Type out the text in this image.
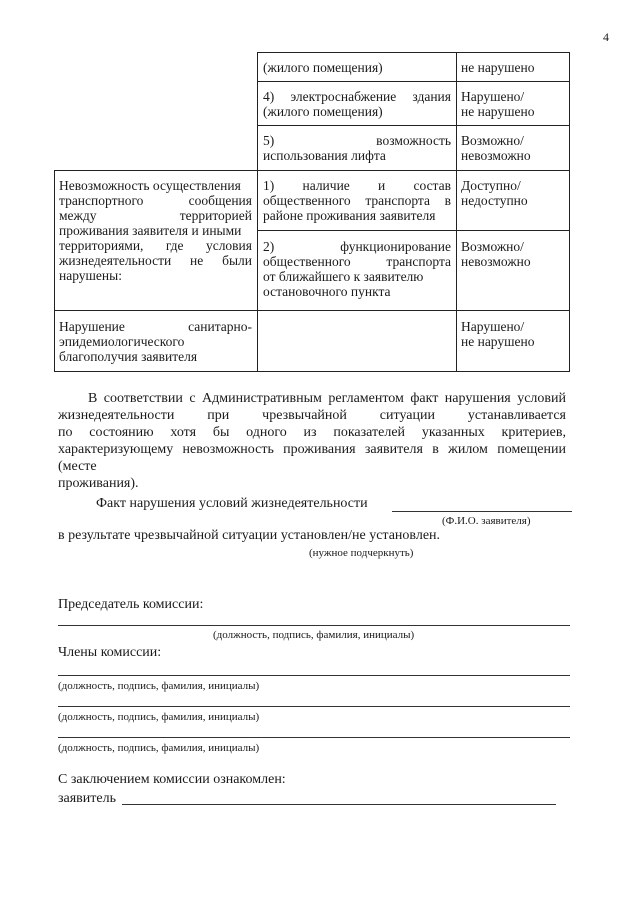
4
(жилого помещения)	не нарушено
4) электроснабжение здания
(жилого помещения)
Нарушено/
не нарушено
5) возможность
использования лифта
Возможно/
невозможно
Невозможность осуществления
транспортного сообщения
между территорией
проживания заявителя и иными
территориями, где условия
жизнедеятельности не были
нарушены:
1) наличие и состав
общественного транспорта в
районе проживания заявителя
Доступно/
недоступно
2) функционирование
общественного транспорта
от ближайшего к заявителю
остановочного пункта
Возможно/
невозможно
Нарушение санитарно-
эпидемиологического
благополучия заявителя
Нарушено/
не нарушено
В соответствии с Административным регламентом факт нарушения условий
жизнедеятельности при чрезвычайной ситуации устанавливается
по состоянию хотя бы одного из показателей указанных критериев,
характеризующему невозможность проживания заявителя в жилом помещении (месте
проживания).
Факт нарушения условий жизнедеятельности
(Ф.И.О. заявителя)
в результате чрезвычайной ситуации установлен/не установлен.
(нужное подчеркнуть)
Председатель комиссии:
(должность, подпись, фамилия, инициалы)
Члены комиссии:
(должность, подпись, фамилия, инициалы)
(должность, подпись, фамилия, инициалы)
(должность, подпись, фамилия, инициалы)
С заключением комиссии ознакомлен:
заявитель
